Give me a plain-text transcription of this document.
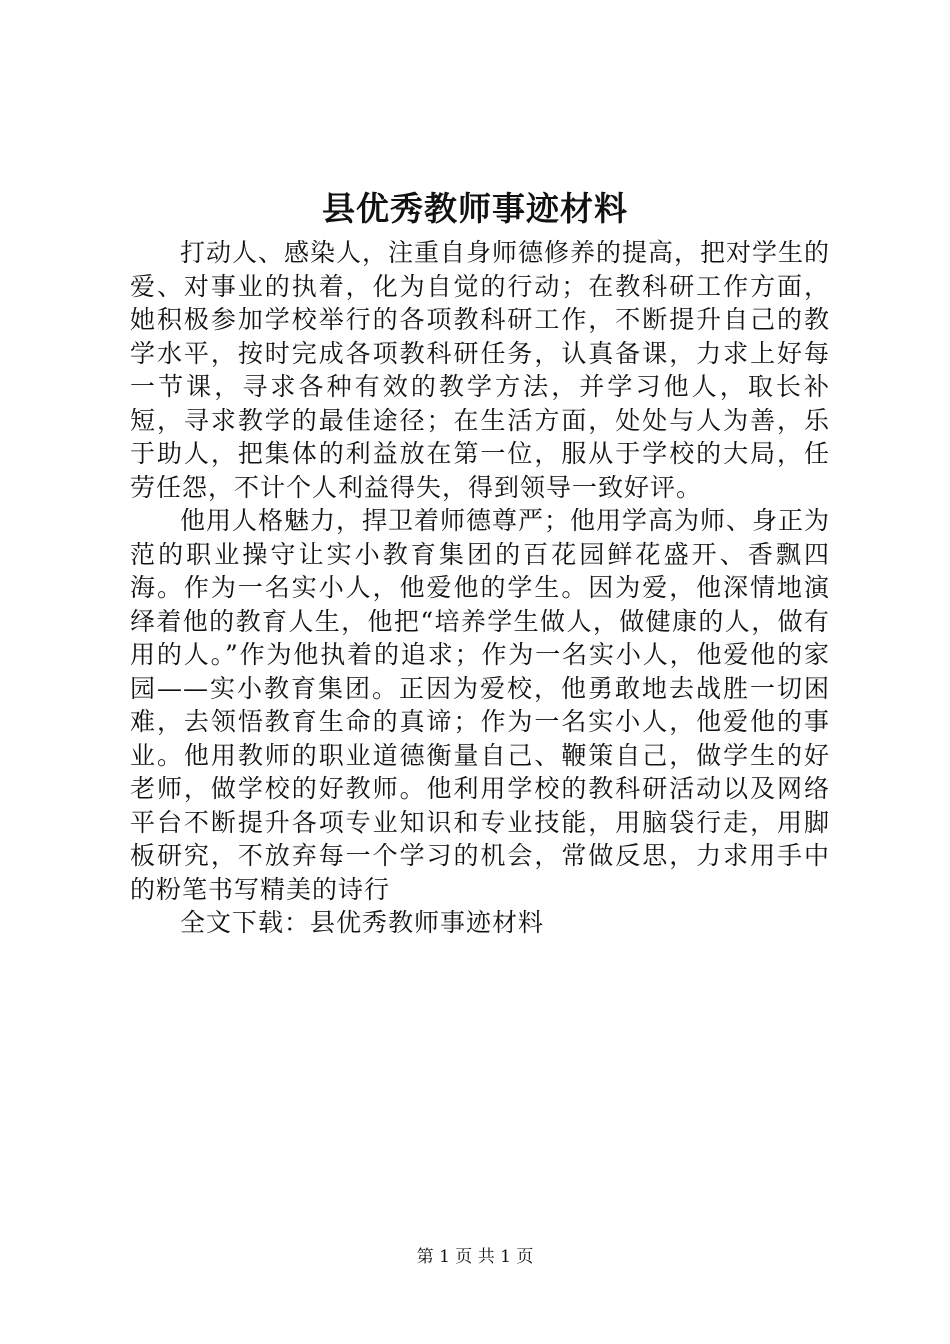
县优秀教师事迹材料

打动人、感染人，注重自身师德修养的提高，把对学生的爱、对事业的执着，化为自觉的行动；在教科研工作方面，她积极参加学校举行的各项教科研工作，不断提升自己的教学水平，按时完成各项教科研任务，认真备课，力求上好每一节课，寻求各种有效的教学方法，并学习他人，取长补短，寻求教学的最佳途径；在生活方面，处处与人为善，乐于助人，把集体的利益放在第一位，服从于学校的大局，任劳任怨，不计个人利益得失，得到领导一致好评。

他用人格魅力，捍卫着师德尊严；他用学高为师、身正为范的职业操守让实小教育集团的百花园鲜花盛开、香飘四海。作为一名实小人，他爱他的学生。因为爱，他深情地演绎着他的教育人生，他把“培养学生做人，做健康的人，做有用的人。”作为他执着的追求；作为一名实小人，他爱他的家园——实小教育集团。正因为爱校，他勇敢地去战胜一切困难，去领悟教育生命的真谛；作为一名实小人，他爱他的事业。他用教师的职业道德衡量自己、鞭策自己，做学生的好老师，做学校的好教师。他利用学校的教科研活动以及网络平台不断提升各项专业知识和专业技能，用脑袋行走，用脚板研究，不放弃每一个学习的机会，常做反思，力求用手中的粉笔书写精美的诗行

全文下载：县优秀教师事迹材料

第 1 页 共 1 页
